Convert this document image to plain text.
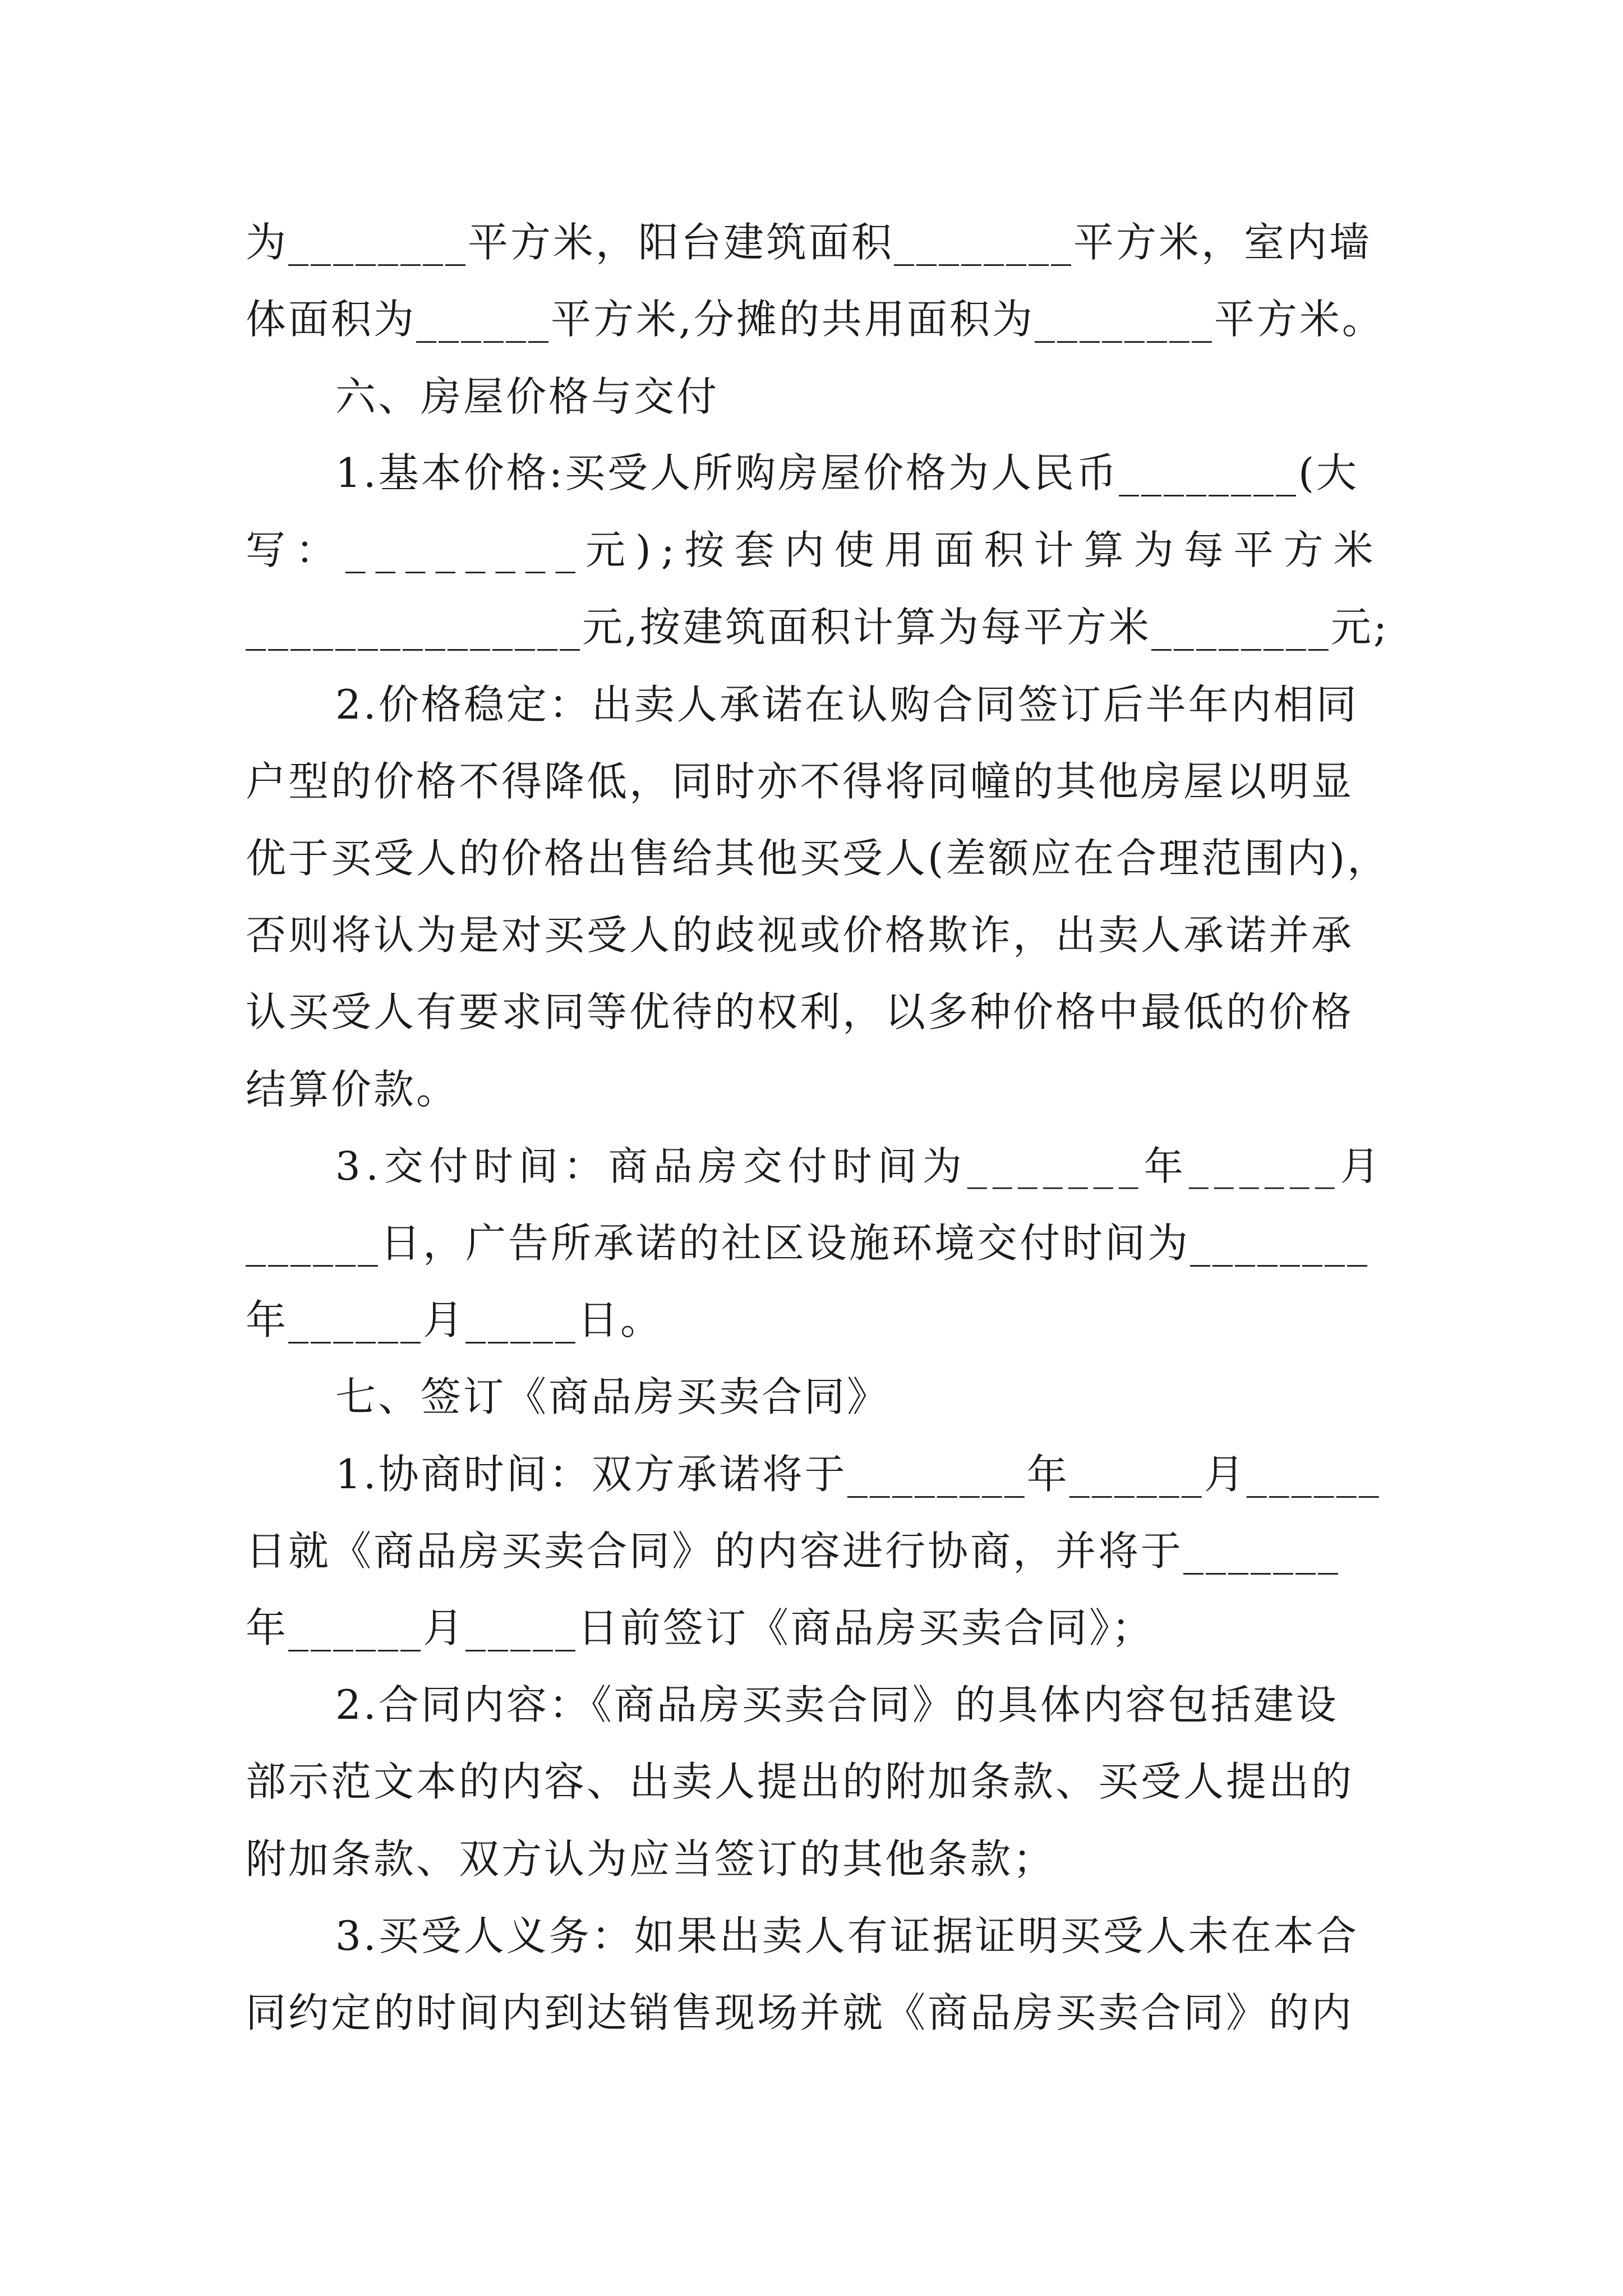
为________平方米，阳台建筑面积________平方米，室内墙
体面积为______平方米,分摊的共用面积为________平方米。
六、房屋价格与交付
1.基本价格:买受人所购房屋价格为人民币________(大
写：________元);按套内使用面积计算为每平方米
_______________元,按建筑面积计算为每平方米________元;
2.价格稳定：出卖人承诺在认购合同签订后半年内相同
户型的价格不得降低，同时亦不得将同幢的其他房屋以明显
优于买受人的价格出售给其他买受人(差额应在合理范围内)，
否则将认为是对买受人的歧视或价格欺诈，出卖人承诺并承
认买受人有要求同等优待的权利，以多种价格中最低的价格
结算价款。
3.交付时间：商品房交付时间为_______年______月
______日，广告所承诺的社区设施环境交付时间为________
年______月_____日。
七、签订《商品房买卖合同》
1.协商时间：双方承诺将于________年______月______
日就《商品房买卖合同》的内容进行协商，并将于_______
年______月_____日前签订《商品房买卖合同》；
2.合同内容：《商品房买卖合同》的具体内容包括建设
部示范文本的内容、出卖人提出的附加条款、买受人提出的
附加条款、双方认为应当签订的其他条款；
3.买受人义务：如果出卖人有证据证明买受人未在本合
同约定的时间内到达销售现场并就《商品房买卖合同》的内
